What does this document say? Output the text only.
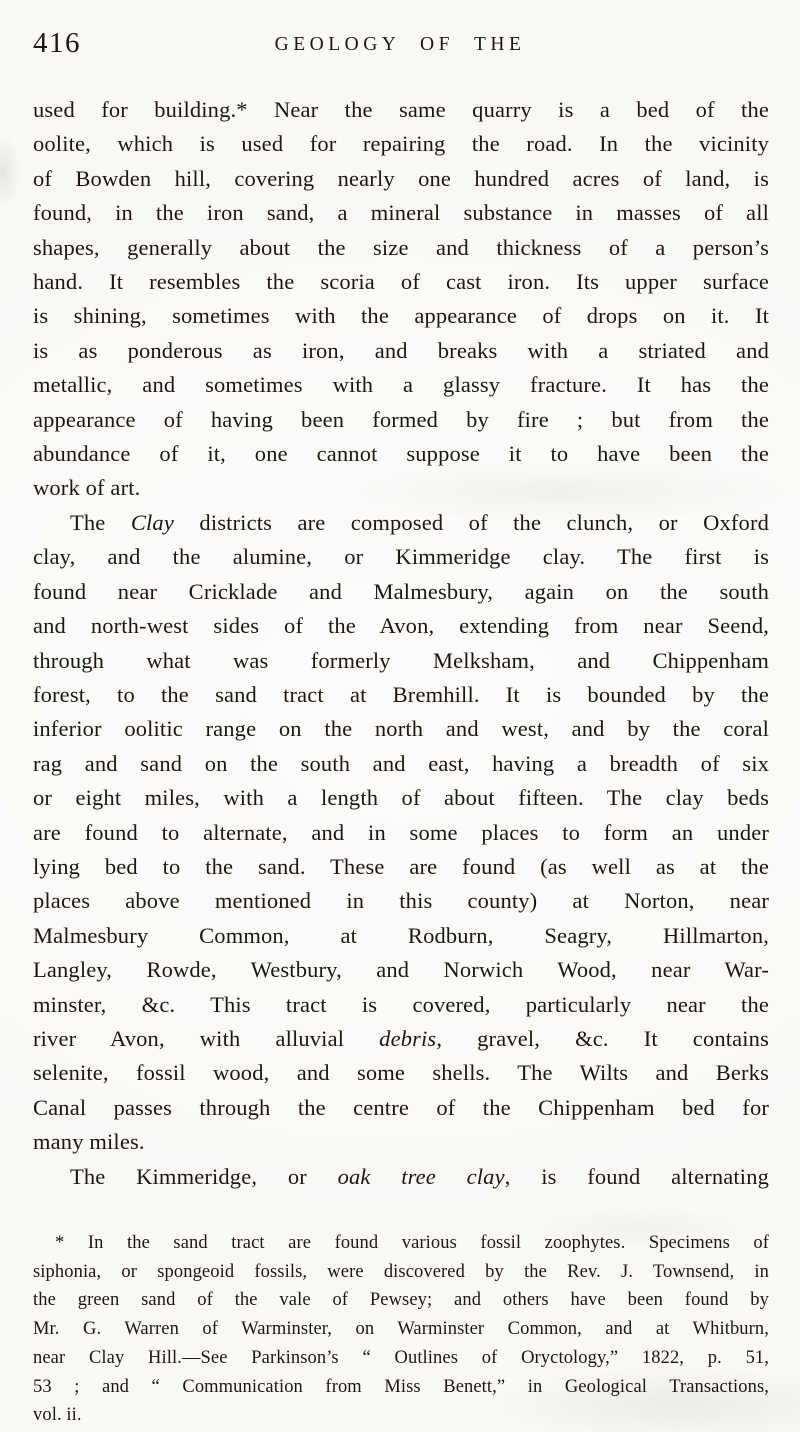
416	GEOLOGY OF THE
used for building.* Near the same quarry is a bed of the
oolite, which is used for repairing the road. In the vicinity
of Bowden hill, covering nearly one hundred acres of land, is
found, in the iron sand, a mineral substance in masses of all
shapes, generally about the size and thickness of a person’s
hand. It resembles the scoria of cast iron. Its upper surface
is shining, sometimes with the appearance of drops on it. It
is as ponderous as iron, and breaks with a striated and
metallic, and sometimes with a glassy fracture. It has the
appearance of having been formed by fire ; but from the
abundance of it, one cannot suppose it to have been the
work of art.
The Clay districts are composed of the clunch, or Oxford
clay, and the alumine, or Kimmeridge clay. The first is
found near Cricklade and Malmesbury, again on the south
and north-west sides of the Avon, extending from near Seend,
through what was formerly Melksham, and Chippenham
forest, to the sand tract at Bremhill. It is bounded by the
inferior oolitic range on the north and west, and by the coral
rag and sand on the south and east, having a breadth of six
or eight miles, with a length of about fifteen. The clay beds
are found to alternate, and in some places to form an under
lying bed to the sand. These are found (as well as at the
places above mentioned in this county) at Norton, near
Malmesbury Common, at Rodburn, Seagry, Hillmarton,
Langley, Rowde, Westbury, and Norwich Wood, near War-
minster, &c. This tract is covered, particularly near the
river Avon, with alluvial debris, gravel, &c. It contains
selenite, fossil wood, and some shells. The Wilts and Berks
Canal passes through the centre of the Chippenham bed for
many miles.
The Kimmeridge, or oak tree clay, is found alternating
* In the sand tract are found various fossil zoophytes. Specimens of
siphonia, or spongeoid fossils, were discovered by the Rev. J. Townsend, in
the green sand of the vale of Pewsey; and others have been found by
Mr. G. Warren of Warminster, on Warminster Common, and at Whitburn,
near Clay Hill.—See Parkinson’s “ Outlines of Oryctology,” 1822, p. 51,
53 ; and “ Communication from Miss Benett,” in Geological Transactions,
vol. ii.
